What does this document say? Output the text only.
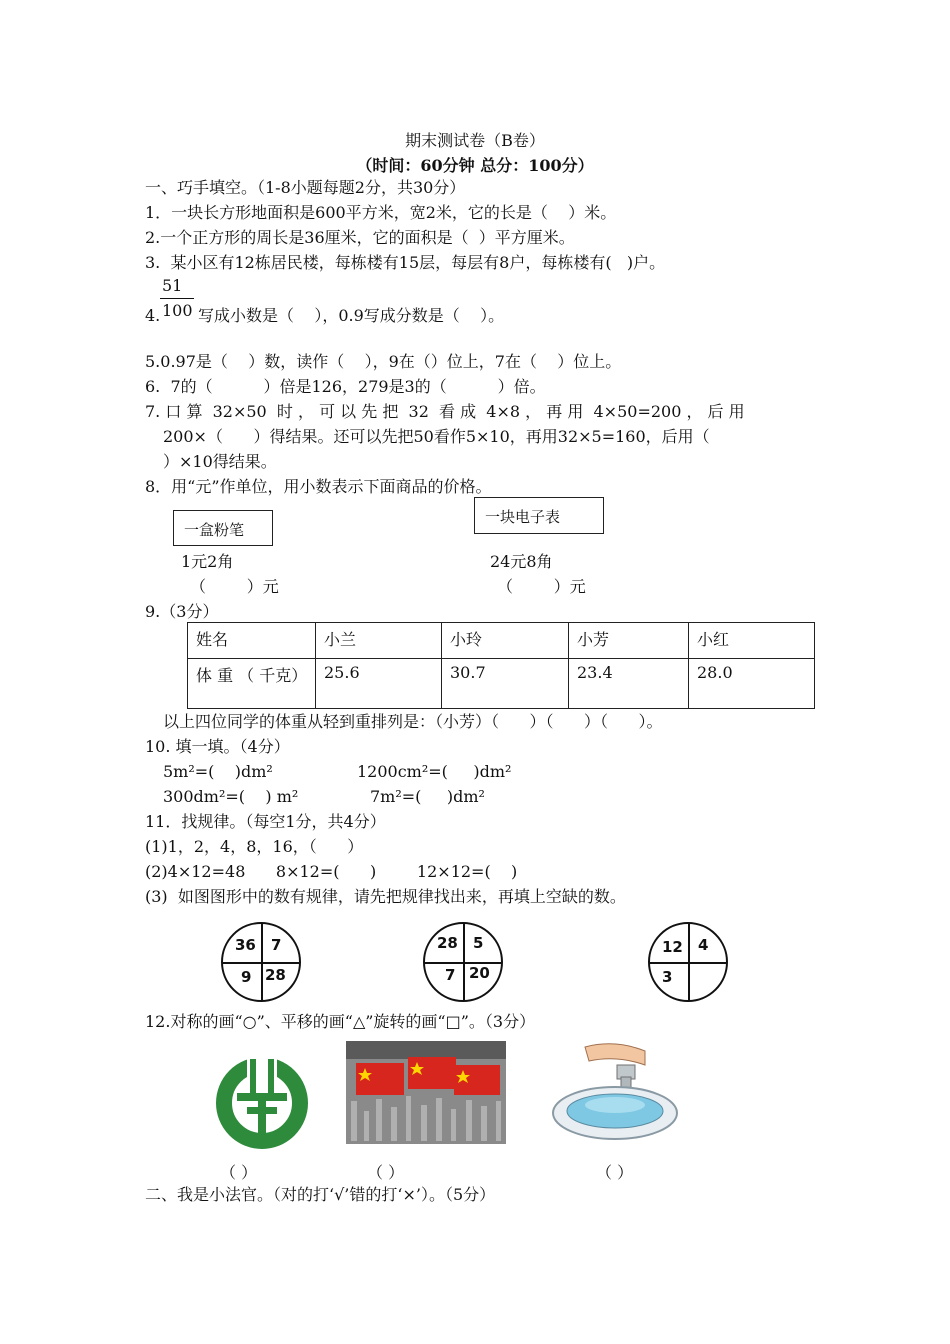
期末测试卷（B卷）
（时间：60分钟 总分：100分）
一、巧手填空。（1-8小题每题2分，共30分）
1．一块长方形地面积是600平方米，宽2米，它的长是（    ）米。
2.一个正方形的周长是36厘米，它的面积是（  ）平方厘米。
3.  某小区有12栋居民楼，每栋楼有15层，每层有8户，每栋楼有(   )户。
51
100
4. 写成小数是（    ），0.9写成分数是（    ）。
5.0.97是（    ）数，读作（    ），9在（）位上，7在（    ）位上。
6.  7的（          ）倍是126，279是3的（          ）倍。
7. 口 算  32×50  时 ， 可 以 先 把  32  看 成  4×8 ， 再 用  4×50=200 ， 后 用
200×（      ）得结果。还可以先把50看作5×10，再用32×5=160，后用（
）×10得结果。
8．用“元”作单位，用小数表示下面商品的价格。
一盒粉笔
1元2角
（        ）元
一块电子表
24元8角
（        ）元
9.（3分）
姓名	小兰	小玲	小芳	小红
体 重 （ 千克）	25.6	30.7	23.4	28.0
以上四位同学的体重从轻到重排列是：（小芳）（      ）（      ）（      ）。
10. 填一填。（4分）
5m²=(    )dm²	1200cm²=(     )dm²
300dm²=(    ) m²	7m²=(     )dm²
11．找规律。（每空1分，共4分）
(1)1，2，4，8，16，（      ）
(2)4×12=48      8×12=(      )        12×12=(    )
(3)  如图图形中的数有规律，请先把规律找出来，再填上空缺的数。
36 7
9 28
28 5
7 20
12 4
3
12.对称的画“○”、平移的画“△”旋转的画“□”。（3分）
（ ）	（ ）	（ ）
二、我是小法官。（对的打‘√’错的打‘×’）。（5分）
